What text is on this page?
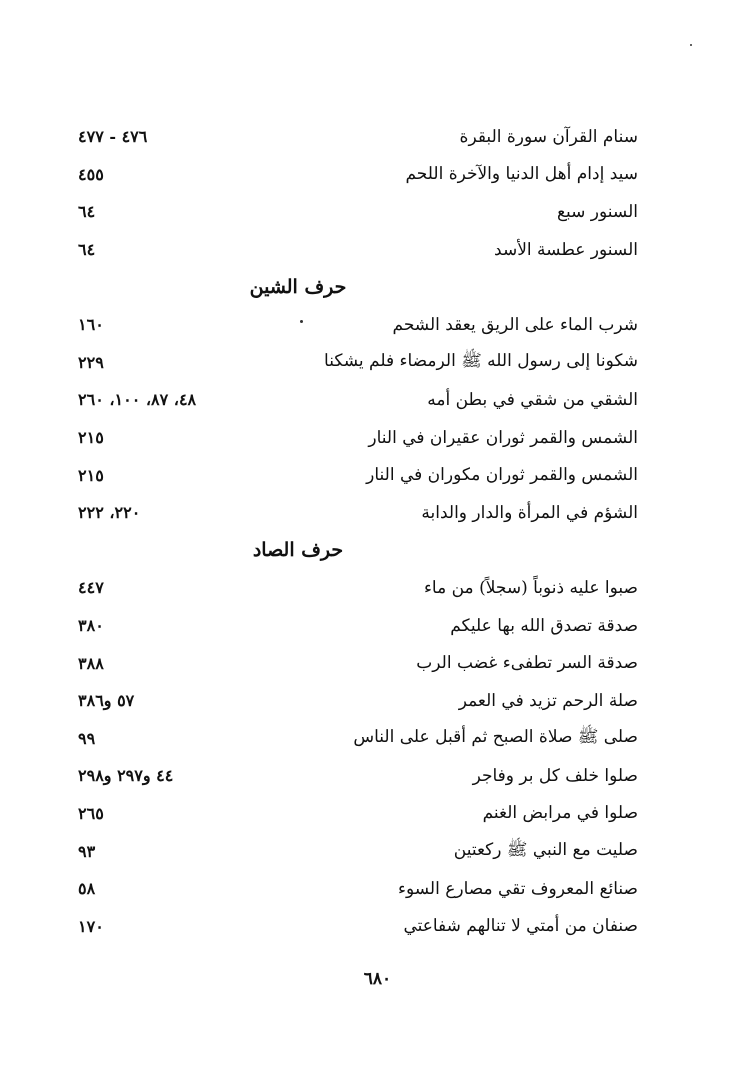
سنام القرآن سورة البقرة
٤٧٦ - ٤٧٧
سيد إدام أهل الدنيا والآخرة اللحم
٤٥٥
السنور سبع
٦٤
السنور عطسة الأسد
٦٤
حرف الشين
شرب الماء على الريق يعقد الشحم
١٦٠
شكونا إلى رسول الله ﷺ الرمضاء فلم يشكنا
٢٢٩
الشقي من شقي في بطن أمه
٤٨، ٨٧، ١٠٠، ٢٦٠
الشمس والقمر ثوران عقيران في النار
٢١٥
الشمس والقمر ثوران مكوران في النار
٢١٥
الشؤم في المرأة والدار والدابة
٢٢٠، ٢٢٢
حرف الصاد
صبوا عليه ذنوباً (سجلاً) من ماء
٤٤٧
صدقة تصدق الله بها عليكم
٣٨٠
صدقة السر تطفىء غضب الرب
٣٨٨
صلة الرحم تزيد في العمر
٥٧ و٣٨٦
صلى ﷺ صلاة الصبح ثم أقبل على الناس
٩٩
صلوا خلف كل بر وفاجر
٤٤ و٢٩٧ و٢٩٨
صلوا في مرابض الغنم
٢٦٥
صليت مع النبي ﷺ ركعتين
٩٣
صنائع المعروف تقي مصارع السوء
٥٨
صنفان من أمتي لا تنالهم شفاعتي
١٧٠
٦٨٠
